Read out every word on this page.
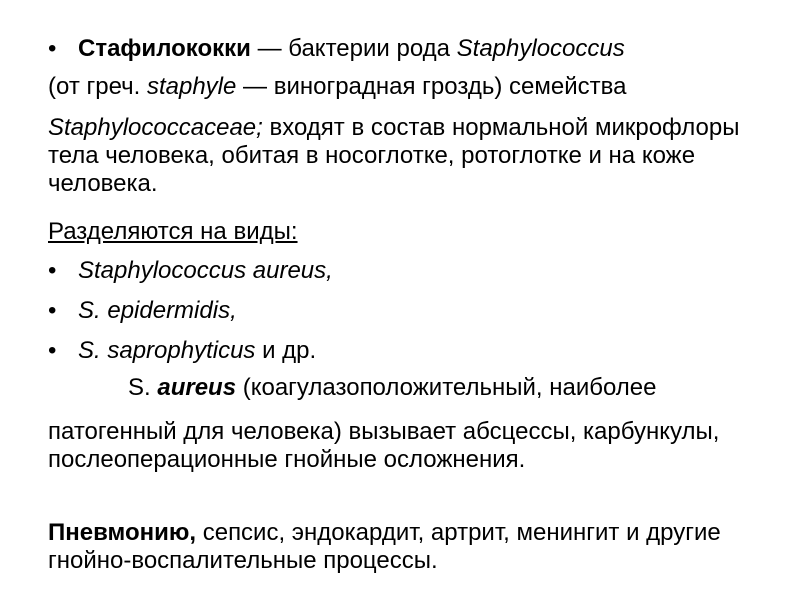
• Стафилококки — бактерии рода Staphylococcus
(от греч. staphyle — виноградная гроздь) семейства
Staphylococcaceae; входят в состав нормальной микрофлоры тела человека, обитая в носоглотке, ротоглотке и на коже человека.
Разделяются на виды:
• Staphylococcus aureus,
• S. epidermidis,
• S. saprophyticus и др.
S. aureus (коагулазоположительный, наиболее
патогенный для человека) вызывает абсцессы, карбункулы, послеоперационные гнойные осложнения.
Пневмонию, сепсис, эндокардит, артрит, менингит и другие гнойно-воспалительные процессы.
